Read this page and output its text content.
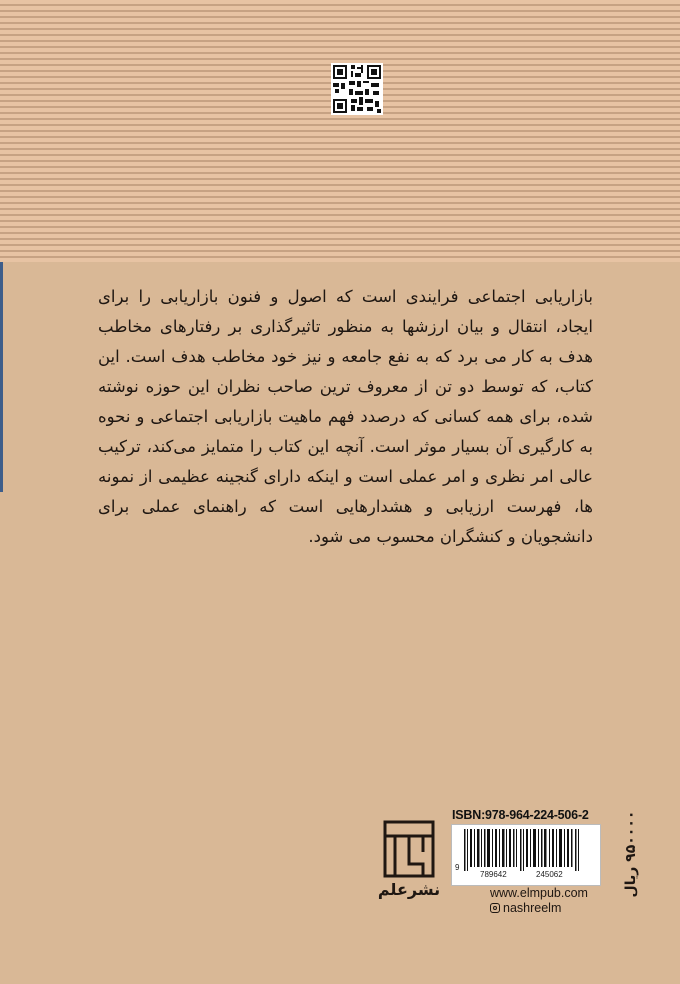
بازاریابی اجتماعی فرایندی است که اصول و فنون بازاریابی را برای ایجاد، انتقال و بیان ارزشها به منظور تاثیرگذاری بر رفتارهای مخاطب هدف به کار می برد که به نفع جامعه و نیز خود مخاطب هدف است. این کتاب، که توسط دو تن از معروف ترین صاحب نظران این حوزه نوشته شده، برای همه کسانی که درصدد فهم ماهیت بازاریابی اجتماعی و نحوه به کارگیری آن بسیار موثر است. آنچه این کتاب را متمایز می‌کند، ترکیب عالی امر نظری و امر عملی است و اینکه دارای گنجینه عظیمی از نمونه ها، فهرست ارزیابی و هشدارهایی است که راهنمای عملی برای دانشجویان و کنشگران محسوب می شود.
نشرعلم
ISBN:978-964-224-506-2
9
789642	245062	۹۵۰۰۰۰ ریال
www.elmpub.com
nashreelm
